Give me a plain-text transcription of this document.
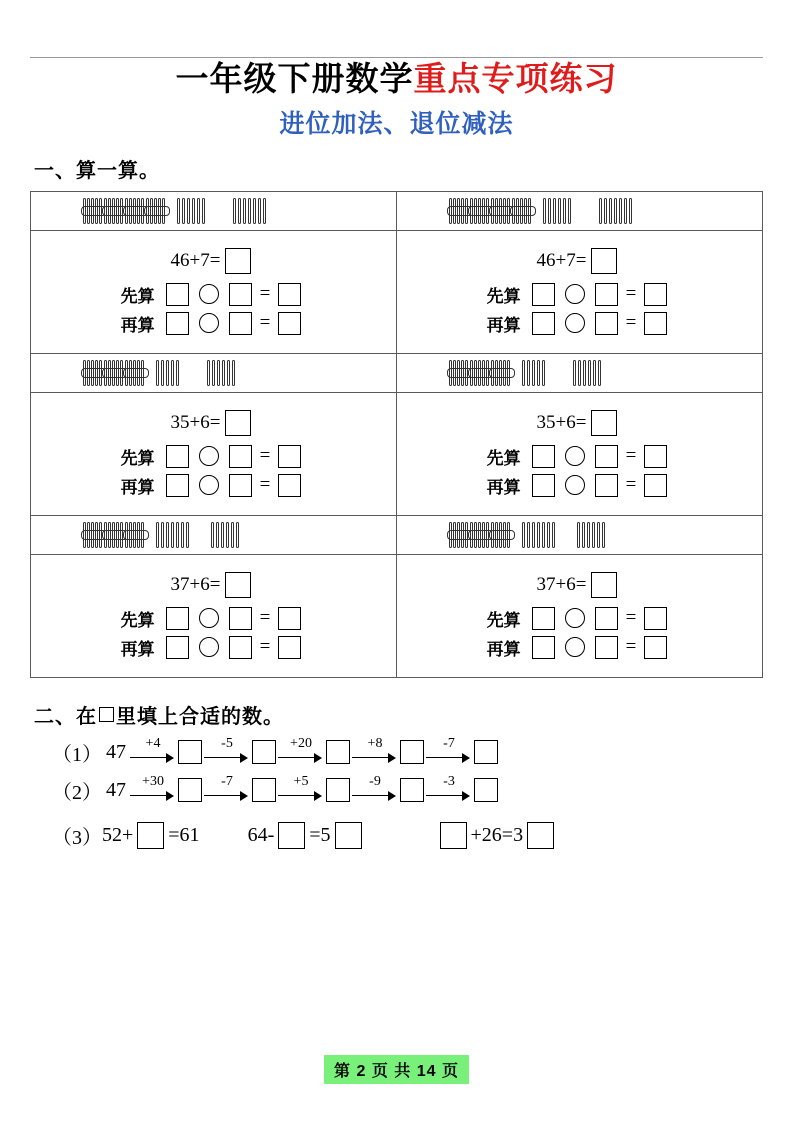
一年级下册数学重点专项练习
进位加法、退位减法
一、算一算。

46+7=
先算	=
再算	=

46+7=
先算	=
再算	=

35+6=
先算	=
再算	=

35+6=
先算	=
再算	=

37+6=
先算	=
再算	=

37+6=
先算	=
再算	=
二、在 里填上合适的数。
（1） 47 +4	-5	+20	+8	-7
（2） 47 +30	-7	+5	-9	-3
（3） 52+ =61 64- =5	+26=3
第 2 页 共 14 页
